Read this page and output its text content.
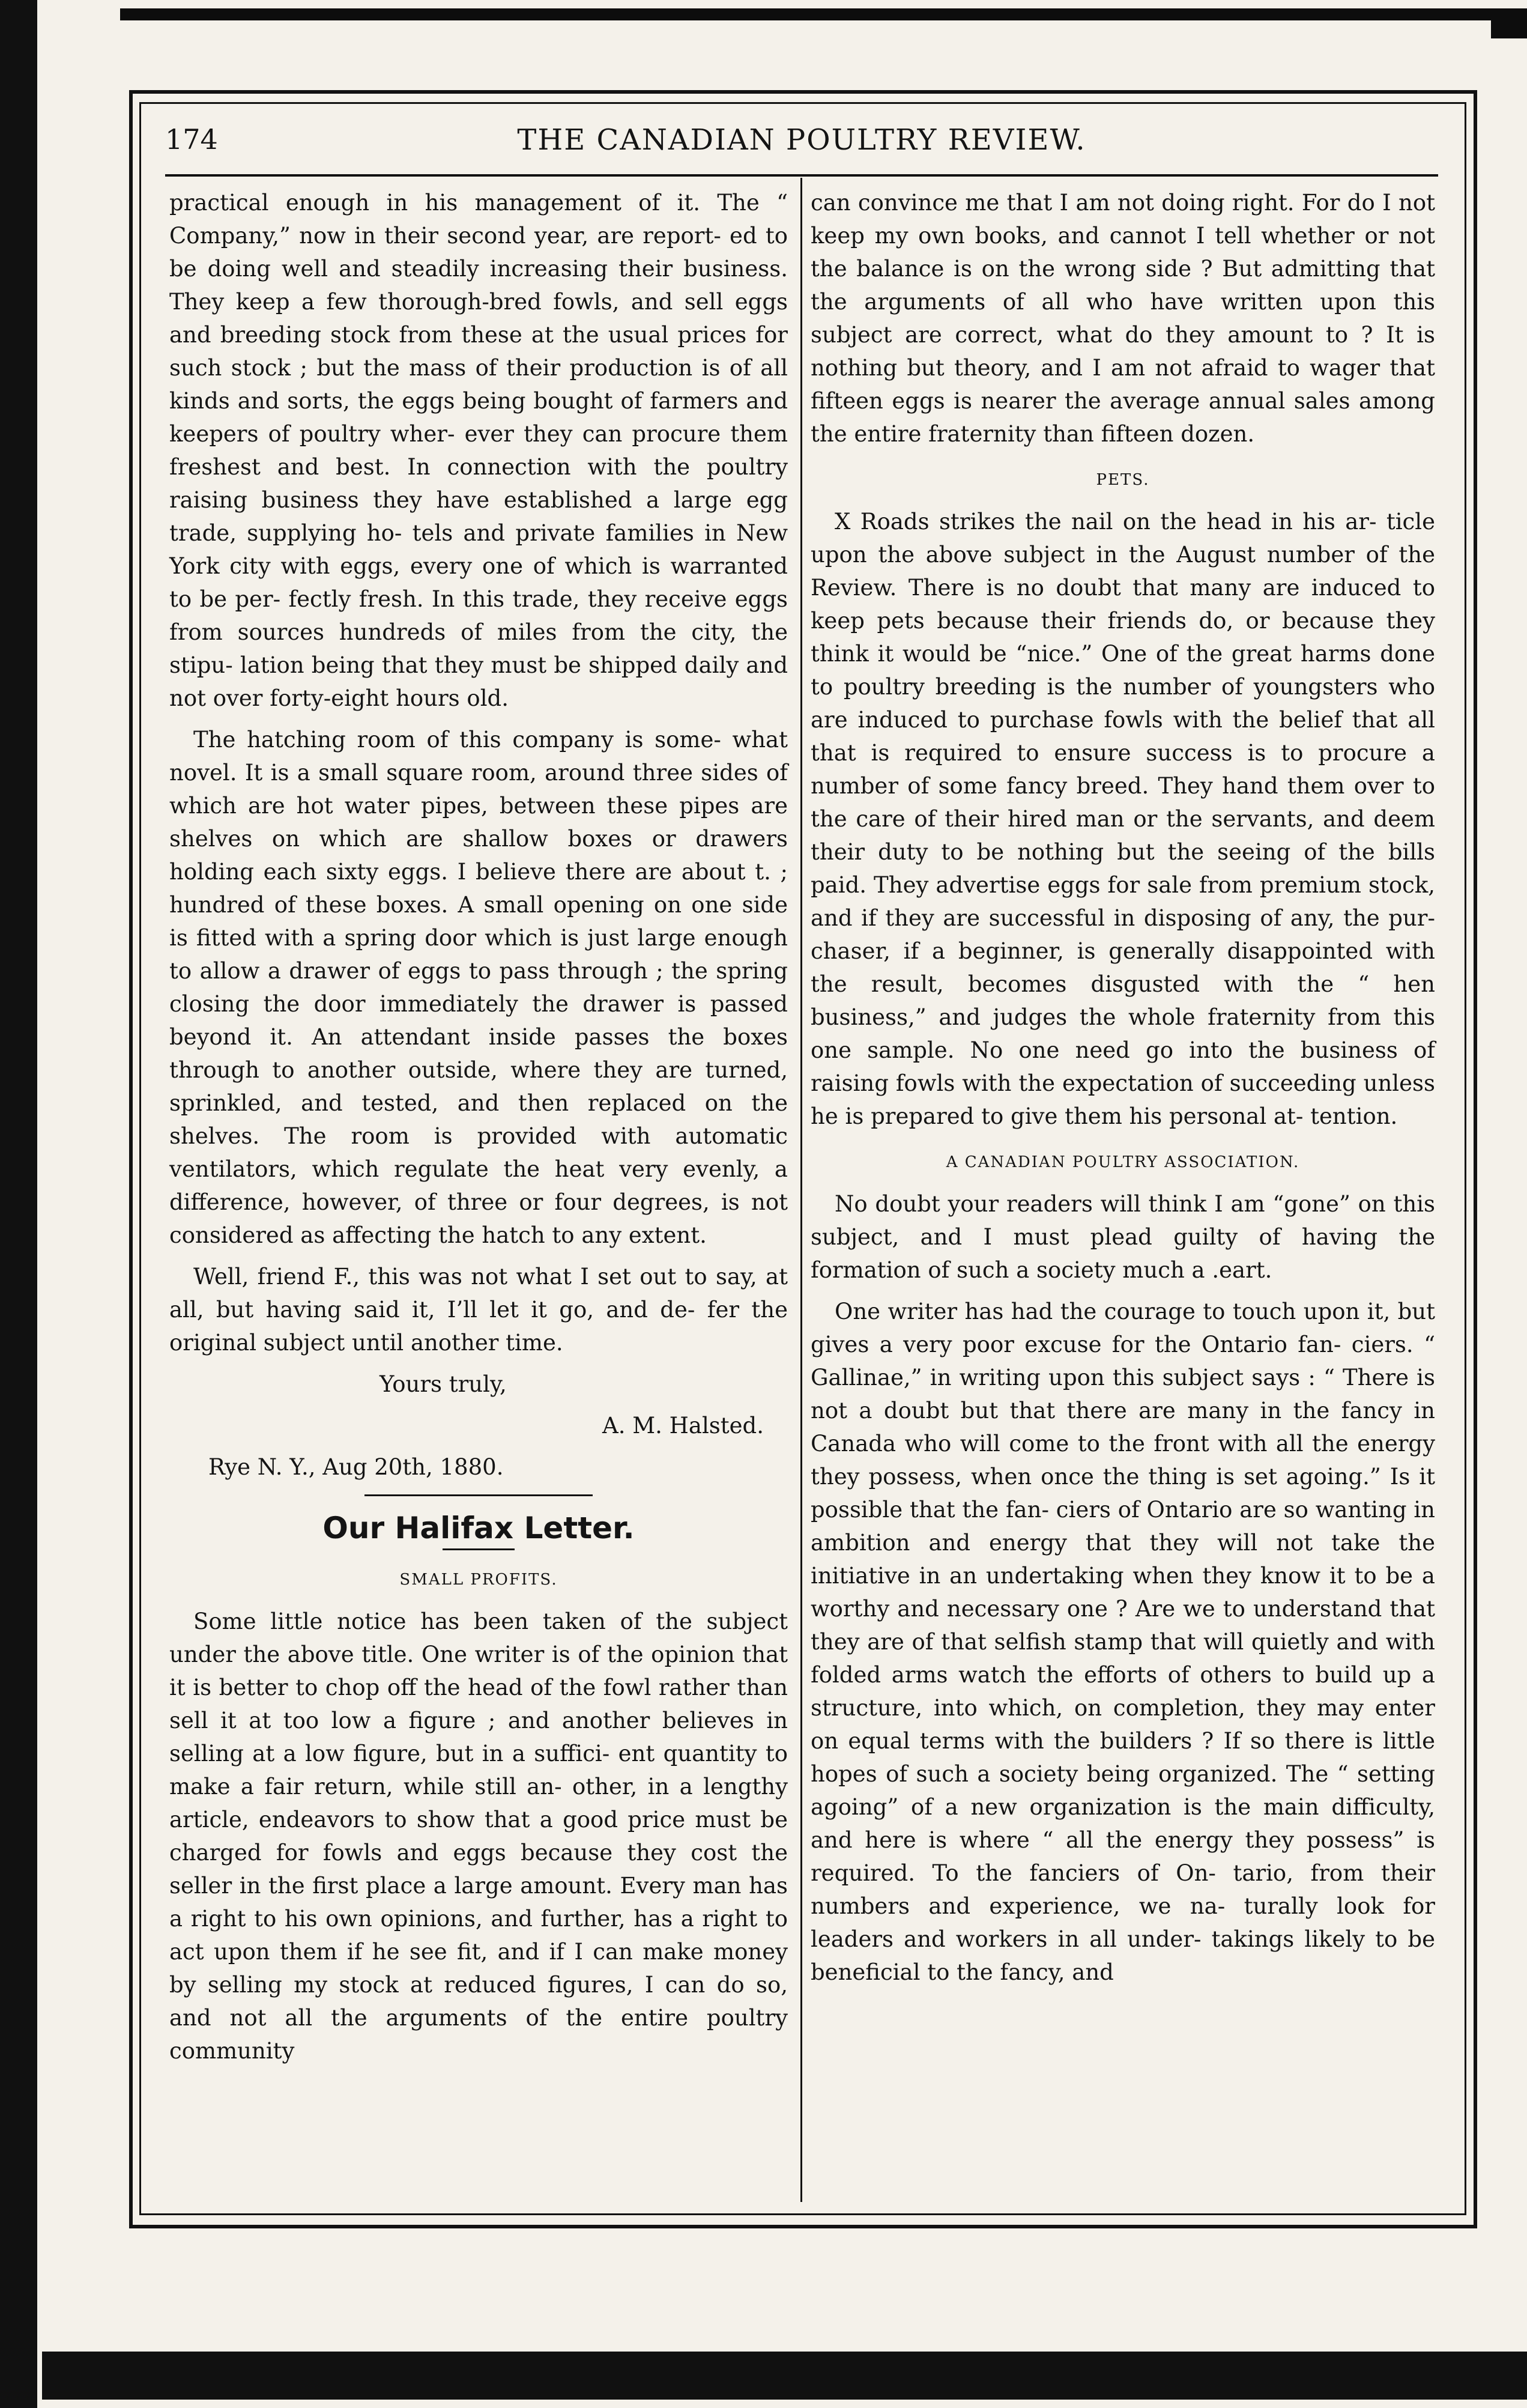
174	THE CANADIAN POULTRY REVIEW.

practical enough in his management of it. The “ Company,” now in their second year, are report- ed to be doing well and steadily increasing their business. They keep a few thorough-bred fowls, and sell eggs and breeding stock from these at the usual prices for such stock ; but the mass of their production is of all kinds and sorts, the eggs being bought of farmers and keepers of poultry wher- ever they can procure them freshest and best. In connection with the poultry raising business they have established a large egg trade, supplying ho- tels and private families in New York city with eggs, every one of which is warranted to be per- fectly fresh. In this trade, they receive eggs from sources hundreds of miles from the city, the stipu- lation being that they must be shipped daily and not over forty-eight hours old.

The hatching room of this company is some- what novel. It is a small square room, around three sides of which are hot water pipes, between these pipes are shelves on which are shallow boxes or drawers holding each sixty eggs. I believe there are about t. ; hundred of these boxes. A small opening on one side is fitted with a spring door which is just large enough to allow a drawer of eggs to pass through ; the spring closing the door immediately the drawer is passed beyond it. An attendant inside passes the boxes through to another outside, where they are turned, sprinkled, and tested, and then replaced on the shelves. The room is provided with automatic ventilators, which regulate the heat very evenly, a difference, however, of three or four degrees, is not considered as affecting the hatch to any extent.

Well, friend F., this was not what I set out to say, at all, but having said it, I’ll let it go, and de- fer the original subject until another time.

Yours truly,

A. M. Halsted.

Rye N. Y., Aug 20th, 1880.

Our Halifax Letter.
SMALL PROFITS.

Some little notice has been taken of the subject under the above title. One writer is of the opinion that it is better to chop off the head of the fowl rather than sell it at too low a figure ; and another believes in selling at a low figure, but in a suffici- ent quantity to make a fair return, while still an- other, in a lengthy article, endeavors to show that a good price must be charged for fowls and eggs because they cost the seller in the first place a large amount. Every man has a right to his own opinions, and further, has a right to act upon them if he see fit, and if I can make money by selling my stock at reduced figures, I can do so, and not all the arguments of the entire poultry community

can convince me that I am not doing right. For do I not keep my own books, and cannot I tell whether or not the balance is on the wrong side ? But admitting that the arguments of all who have written upon this subject are correct, what do they amount to ? It is nothing but theory, and I am not afraid to wager that fifteen eggs is nearer the average annual sales among the entire fraternity than fifteen dozen.

PETS.

X Roads strikes the nail on the head in his ar- ticle upon the above subject in the August number of the Review. There is no doubt that many are induced to keep pets because their friends do, or because they think it would be “nice.” One of the great harms done to poultry breeding is the number of youngsters who are induced to purchase fowls with the belief that all that is required to ensure success is to procure a number of some fancy breed. They hand them over to the care of their hired man or the servants, and deem their duty to be nothing but the seeing of the bills paid. They advertise eggs for sale from premium stock, and if they are successful in disposing of any, the pur- chaser, if a beginner, is generally disappointed with the result, becomes disgusted with the “ hen business,” and judges the whole fraternity from this one sample. No one need go into the business of raising fowls with the expectation of succeeding unless he is prepared to give them his personal at- tention.

A CANADIAN POULTRY ASSOCIATION.

No doubt your readers will think I am “gone” on this subject, and I must plead guilty of having the formation of such a society much a .eart.

One writer has had the courage to touch upon it, but gives a very poor excuse for the Ontario fan- ciers. “ Gallinae,” in writing upon this subject says : “ There is not a doubt but that there are many in the fancy in Canada who will come to the front with all the energy they possess, when once the thing is set agoing.” Is it possible that the fan- ciers of Ontario are so wanting in ambition and energy that they will not take the initiative in an undertaking when they know it to be a worthy and necessary one ? Are we to understand that they are of that selfish stamp that will quietly and with folded arms watch the efforts of others to build up a structure, into which, on completion, they may enter on equal terms with the builders ? If so there is little hopes of such a society being organized. The “ setting agoing” of a new organization is the main difficulty, and here is where “ all the energy they possess” is required. To the fanciers of On- tario, from their numbers and experience, we na- turally look for leaders and workers in all under- takings likely to be beneficial to the fancy, and
